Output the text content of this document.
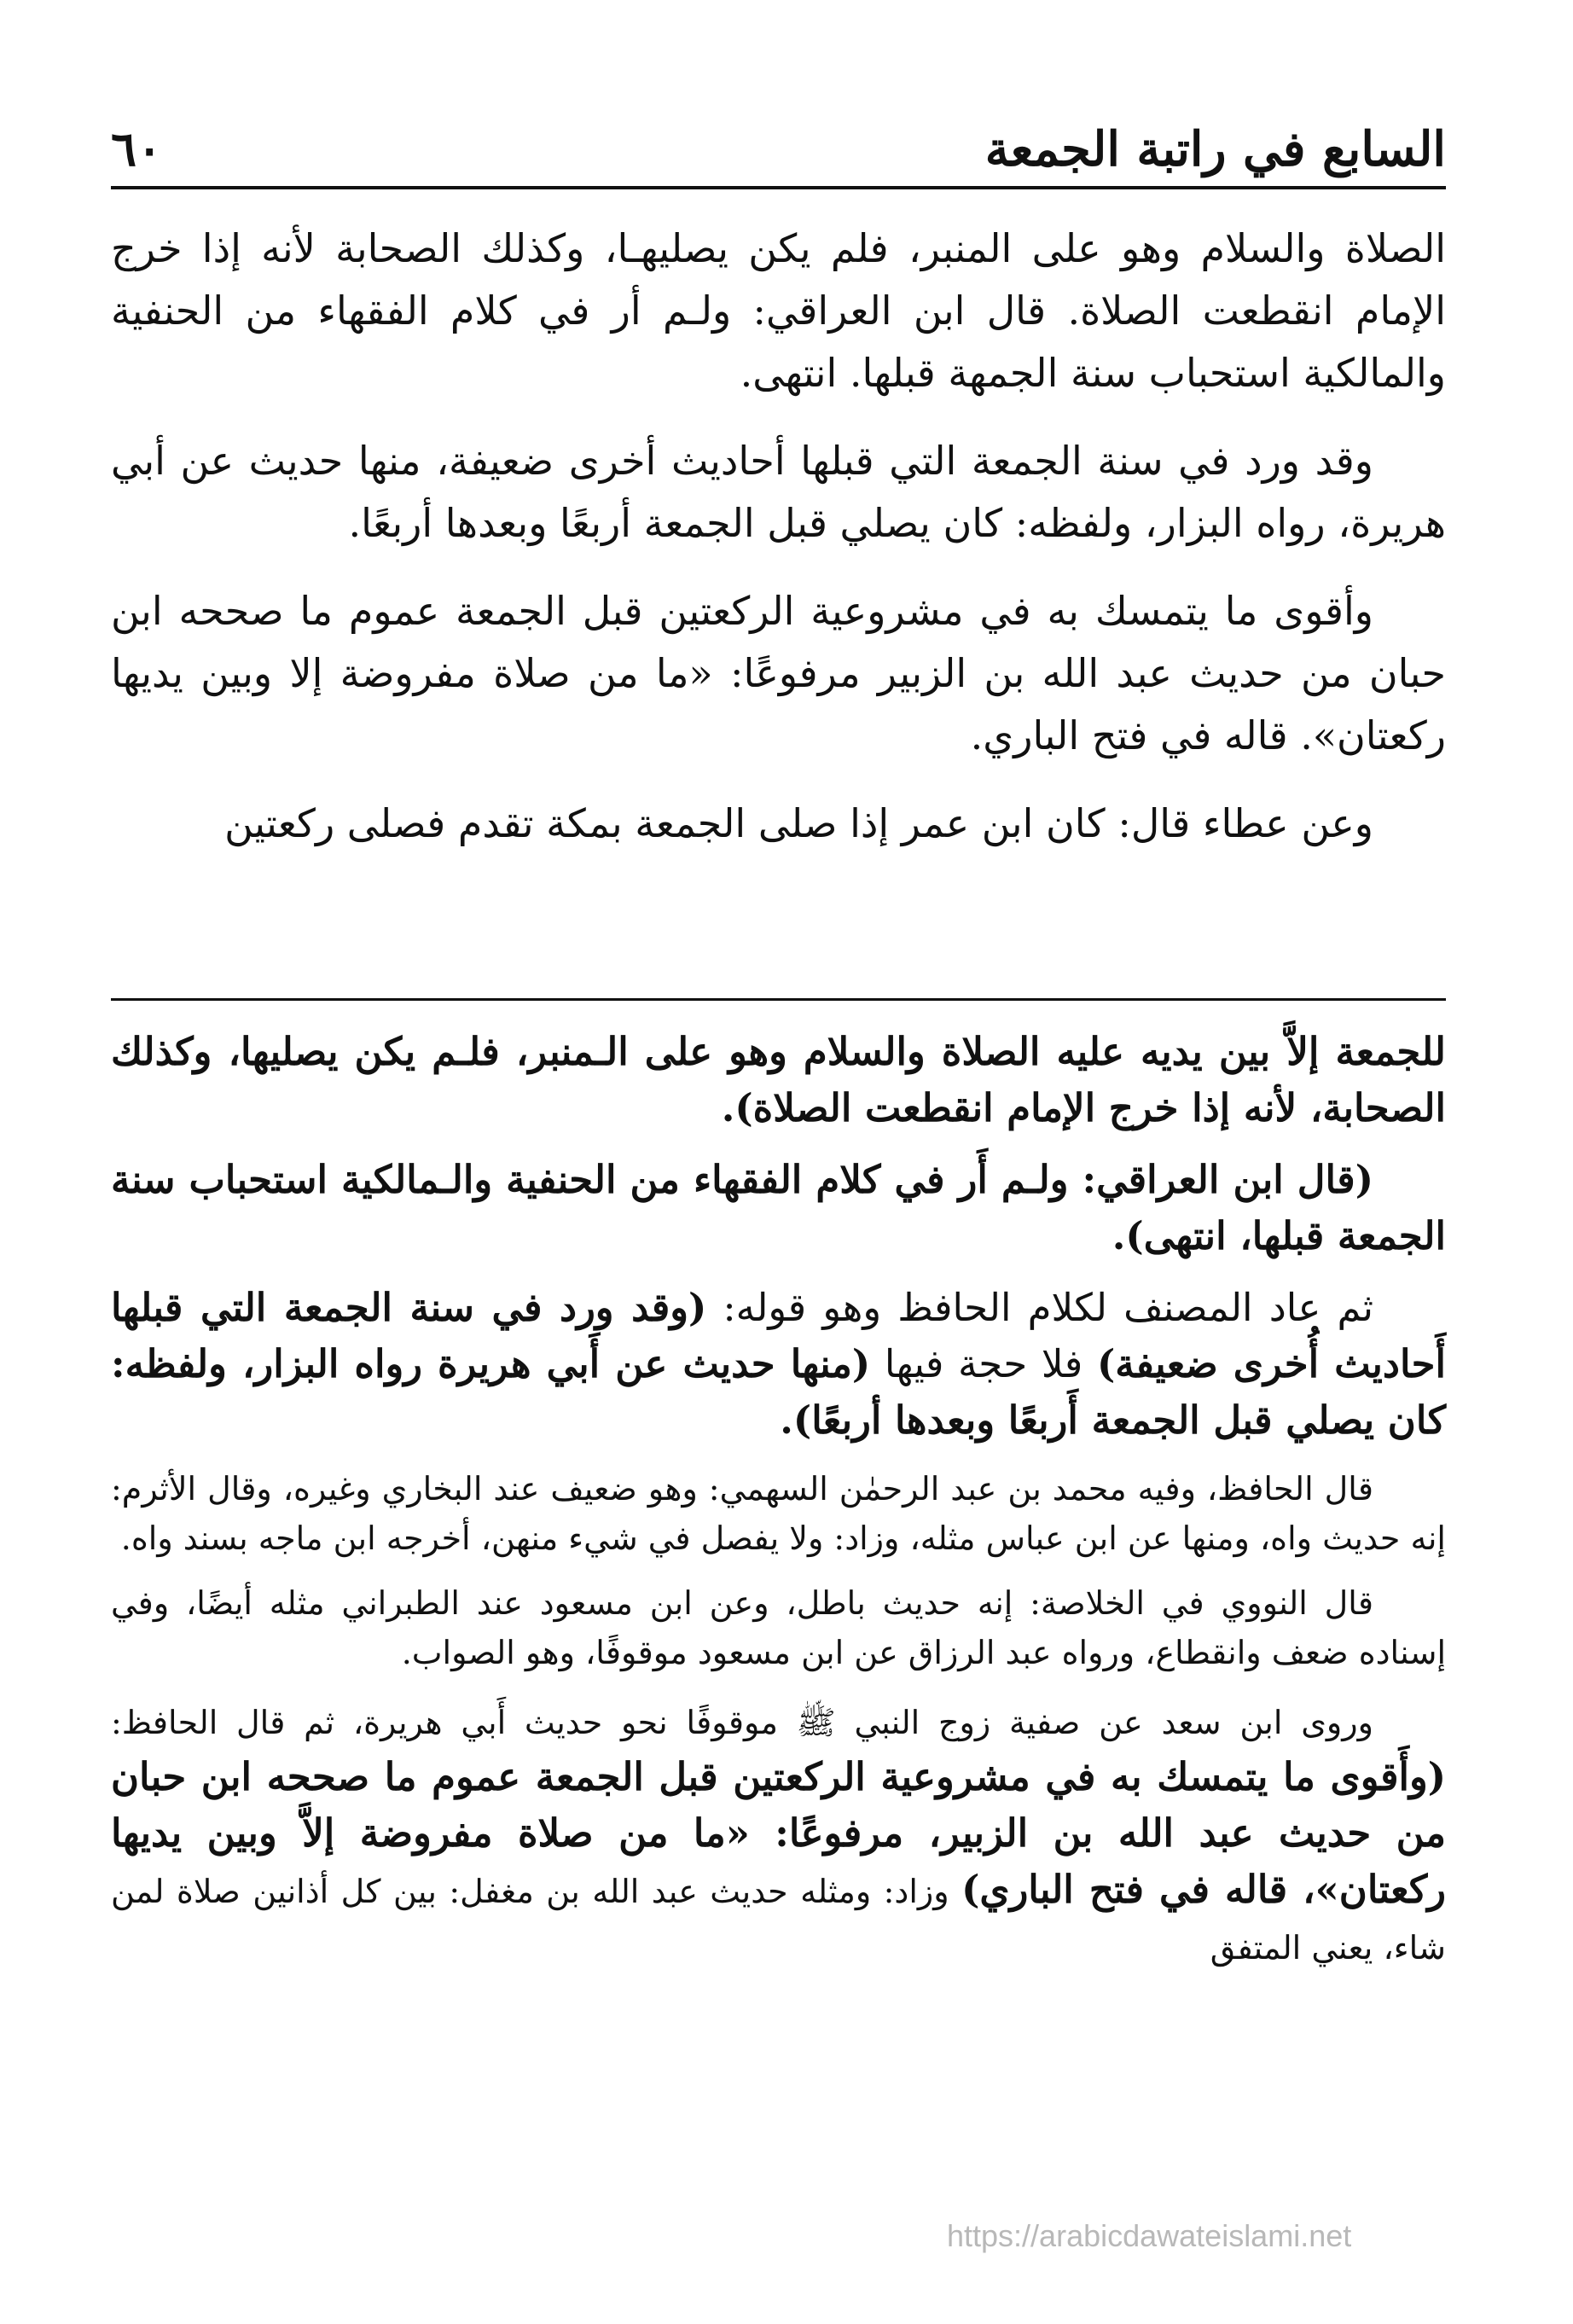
السابع في راتبة الجمعة
٦٠

الصلاة والسلام وهو على المنبر، فلم يكن يصليهـا، وكذلك الصحابة لأنه إذا خرج الإمام انقطعت الصلاة. قال ابن العراقي: ولـم أر في كلام الفقهاء من الحنفية والمالكية استحباب سنة الجمهة قبلها. انتهى.

وقد ورد في سنة الجمعة التي قبلها أحاديث أخرى ضعيفة، منها حديث عن أبي هريرة، رواه البزار، ولفظه: كان يصلي قبل الجمعة أربعًا وبعدها أربعًا.

وأقوى ما يتمسك به في مشروعية الركعتين قبل الجمعة عموم ما صححه ابن حبان من حديث عبد الله بن الزبير مرفوعًا: «ما من صلاة مفروضة إلا وبين يديها ركعتان». قاله في فتح الباري.

وعن عطاء قال: كان ابن عمر إذا صلى الجمعة بمكة تقدم فصلى ركعتين

للجمعة إلاَّ بين يديه عليه الصلاة والسلام وهو على الـمنبر، فلـم يكن يصليها، وكذلك الصحابة، لأنه إذا خرج الإمام انقطعت الصلاة).

(قال ابن العراقي: ولـم أَر في كلام الفقهاء من الحنفية والـمالكية استحباب سنة الجمعة قبلها، انتهى).

ثم عاد المصنف لكلام الحافظ وهو قوله: (وقد ورد في سنة الجمعة التي قبلها أَحاديث أُخرى ضعيفة) فلا حجة فيها (منها حديث عن أَبي هريرة رواه البزار، ولفظه: كان يصلي قبل الجمعة أَربعًا وبعدها أربعًا).

قال الحافظ، وفيه محمد بن عبد الرحمٰن السهمي: وهو ضعيف عند البخاري وغيره، وقال الأثرم: إنه حديث واه، ومنها عن ابن عباس مثله، وزاد: ولا يفصل في شيء منهن، أخرجه ابن ماجه بسند واه.

قال النووي في الخلاصة: إنه حديث باطل، وعن ابن مسعود عند الطبراني مثله أيضًا، وفي إسناده ضعف وانقطاع، ورواه عبد الرزاق عن ابن مسعود موقوفًا، وهو الصواب.

وروى ابن سعد عن صفية زوج النبي ﷺ موقوفًا نحو حديث أَبي هريرة، ثم قال الحافظ: (وأَقوى ما يتمسك به في مشروعية الركعتين قبل الجمعة عموم ما صححه ابن حبان من حديث عبد الله بن الزبير، مرفوعًا: «ما من صلاة مفروضة إلاَّ وبين يديها ركعتان»، قاله في فتح الباري) وزاد: ومثله حديث عبد الله بن مغفل: بين كل أذانين صلاة لمن شاء، يعني المتفق

https://arabicdawateislami.net
